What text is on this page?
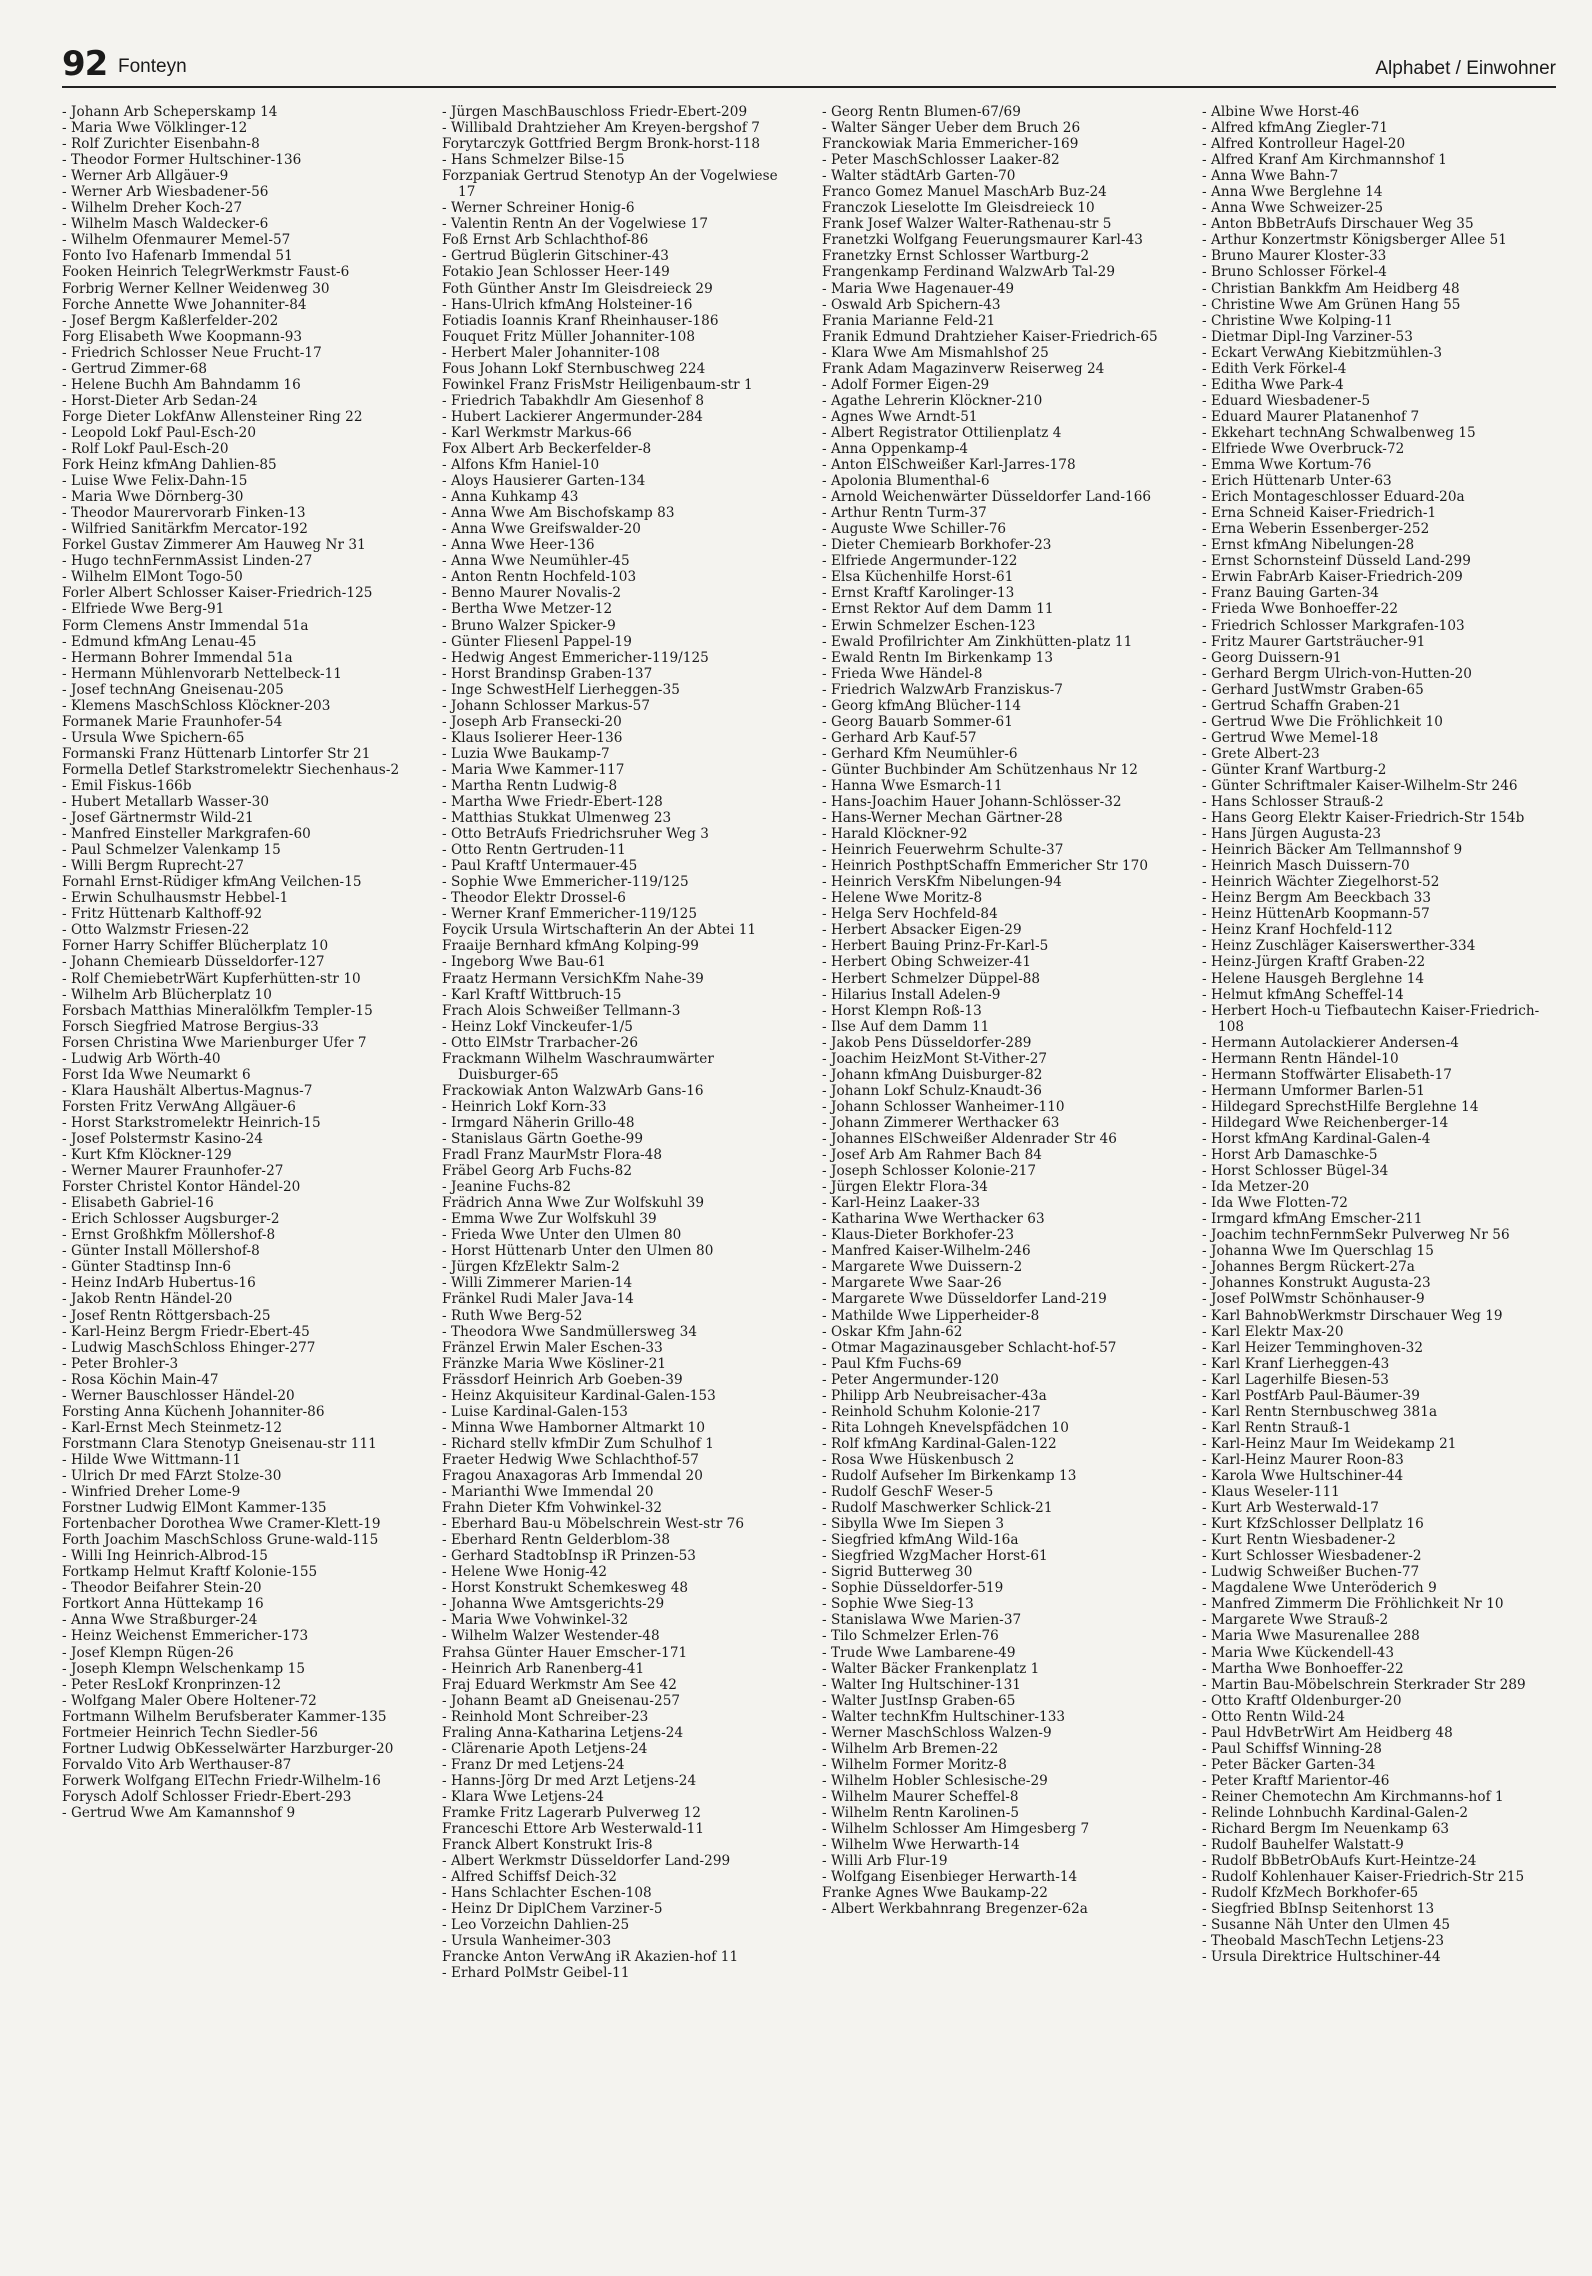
92 Fonteyn	Alphabet / Einwohner
- Johann Arb Scheperskamp 14
- Maria Wwe Völklinger-12
- Rolf Zurichter Eisenbahn-8
- Theodor Former Hultschiner-136
- Werner Arb Allgäuer-9
- Werner Arb Wiesbadener-56
- Wilhelm Dreher Koch-27
- Wilhelm Masch Waldecker-6
- Wilhelm Ofenmaurer Memel-57
Fonto Ivo Hafenarb Immendal 51
Fooken Heinrich TelegrWerkmstr Faust-6
Forbrig Werner Kellner Weidenweg 30
Forche Annette Wwe Johanniter-84
- Josef Bergm Kaßlerfelder-202
Forg Elisabeth Wwe Koopmann-93
- Friedrich Schlosser Neue Frucht-17
- Gertrud Zimmer-68
- Helene Buchh Am Bahndamm 16
- Horst-Dieter Arb Sedan-24
Forge Dieter LokfAnw Allensteiner Ring 22
- Leopold Lokf Paul-Esch-20
- Rolf Lokf Paul-Esch-20
Fork Heinz kfmAng Dahlien-85
- Luise Wwe Felix-Dahn-15
- Maria Wwe Dörnberg-30
- Theodor Maurervorarb Finken-13
- Wilfried Sanitärkfm Mercator-192
Forkel Gustav Zimmerer Am Hauweg Nr 31
- Hugo technFernmAssist Linden-27
- Wilhelm ElMont Togo-50
Forler Albert Schlosser Kaiser-Friedrich-125
- Elfriede Wwe Berg-91
Form Clemens Anstr Immendal 51a
- Edmund kfmAng Lenau-45
- Hermann Bohrer Immendal 51a
- Hermann Mühlenvorarb Nettelbeck-11
- Josef technAng Gneisenau-205
- Klemens MaschSchloss Klöckner-203
Formanek Marie Fraunhofer-54
- Ursula Wwe Spichern-65
Formanski Franz Hüttenarb Lintorfer Str 21
Formella Detlef Starkstromelektr Siechenhaus-2
- Emil Fiskus-166b
- Hubert Metallarb Wasser-30
- Josef Gärtnermstr Wild-21
- Manfred Einsteller Markgrafen-60
- Paul Schmelzer Valenkamp 15
- Willi Bergm Ruprecht-27
Fornahl Ernst-Rüdiger kfmAng Veilchen-15
- Erwin Schulhausmstr Hebbel-1
- Fritz Hüttenarb Kalthoff-92
- Otto Walzmstr Friesen-22
Forner Harry Schiffer Blücherplatz 10
- Johann Chemiearb Düsseldorfer-127
- Rolf ChemiebetrWärt Kupferhütten-str 10
- Wilhelm Arb Blücherplatz 10
Forsbach Matthias Mineralölkfm Templer-15
Forsch Siegfried Matrose Bergius-33
Forsen Christina Wwe Marienburger Ufer 7
- Ludwig Arb Wörth-40
Forst Ida Wwe Neumarkt 6
- Klara Haushält Albertus-Magnus-7
Forsten Fritz VerwAng Allgäuer-6
- Horst Starkstromelektr Heinrich-15
- Josef Polstermstr Kasino-24
- Kurt Kfm Klöckner-129
- Werner Maurer Fraunhofer-27
Forster Christel Kontor Händel-20
- Elisabeth Gabriel-16
- Erich Schlosser Augsburger-2
- Ernst Großhkfm Möllershof-8
- Günter Install Möllershof-8
- Günter Stadtinsp Inn-6
- Heinz IndArb Hubertus-16
- Jakob Rentn Händel-20
- Josef Rentn Röttgersbach-25
- Karl-Heinz Bergm Friedr-Ebert-45
- Ludwig MaschSchloss Ehinger-277
- Peter Brohler-3
- Rosa Köchin Main-47
- Werner Bauschlosser Händel-20
Forsting Anna Küchenh Johanniter-86
- Karl-Ernst Mech Steinmetz-12
Forstmann Clara Stenotyp Gneisenau-str 111
- Hilde Wwe Wittmann-11
- Ulrich Dr med FArzt Stolze-30
- Winfried Dreher Lome-9
Forstner Ludwig ElMont Kammer-135
Fortenbacher Dorothea Wwe Cramer-Klett-19
Forth Joachim MaschSchloss Grune-wald-115
- Willi Ing Heinrich-Albrod-15
Fortkamp Helmut Kraftf Kolonie-155
- Theodor Beifahrer Stein-20
Fortkort Anna Hüttekamp 16
- Anna Wwe Straßburger-24
- Heinz Weichenst Emmericher-173
- Josef Klempn Rügen-26
- Joseph Klempn Welschenkamp 15
- Peter ResLokf Kronprinzen-12
- Wolfgang Maler Obere Holtener-72
Fortmann Wilhelm Berufsberater Kammer-135
Fortmeier Heinrich Techn Siedler-56
Fortner Ludwig ObKesselwärter Harzburger-20
Forvaldo Vito Arb Werthauser-87
Forwerk Wolfgang ElTechn Friedr-Wilhelm-16
Forysch Adolf Schlosser Friedr-Ebert-293
- Gertrud Wwe Am Kamannshof 9
- Jürgen MaschBauschloss Friedr-Ebert-209
- Willibald Drahtzieher Am Kreyen-bergshof 7
Forytarczyk Gottfried Bergm Bronk-horst-118
- Hans Schmelzer Bilse-15
Forzpaniak Gertrud Stenotyp An der Vogelwiese 17
- Werner Schreiner Honig-6
- Valentin Rentn An der Vogelwiese 17
Foß Ernst Arb Schlachthof-86
- Gertrud Büglerin Gitschiner-43
Fotakio Jean Schlosser Heer-149
Foth Günther Anstr Im Gleisdreieck 29
- Hans-Ulrich kfmAng Holsteiner-16
Fotiadis Ioannis Kranf Rheinhauser-186
Fouquet Fritz Müller Johanniter-108
- Herbert Maler Johanniter-108
Fous Johann Lokf Sternbuschweg 224
Fowinkel Franz FrisMstr Heiligenbaum-str 1
- Friedrich Tabakhdlr Am Giesenhof 8
- Hubert Lackierer Angermunder-284
- Karl Werkmstr Markus-66
Fox Albert Arb Beckerfelder-8
- Alfons Kfm Haniel-10
- Aloys Hausierer Garten-134
- Anna Kuhkamp 43
- Anna Wwe Am Bischofskamp 83
- Anna Wwe Greifswalder-20
- Anna Wwe Heer-136
- Anna Wwe Neumühler-45
- Anton Rentn Hochfeld-103
- Benno Maurer Novalis-2
- Bertha Wwe Metzer-12
- Bruno Walzer Spicker-9
- Günter Fliesenl Pappel-19
- Hedwig Angest Emmericher-119/125
- Horst Brandinsp Graben-137
- Inge SchwestHelf Lierheggen-35
- Johann Schlosser Markus-57
- Joseph Arb Fransecki-20
- Klaus Isolierer Heer-136
- Luzia Wwe Baukamp-7
- Maria Wwe Kammer-117
- Martha Rentn Ludwig-8
- Martha Wwe Friedr-Ebert-128
- Matthias Stukkat Ulmenweg 23
- Otto BetrAufs Friedrichsruher Weg 3
- Otto Rentn Gertruden-11
- Paul Kraftf Untermauer-45
- Sophie Wwe Emmericher-119/125
- Theodor Elektr Drossel-6
- Werner Kranf Emmericher-119/125
Foycik Ursula Wirtschafterin An der Abtei 11
Fraaije Bernhard kfmAng Kolping-99
- Ingeborg Wwe Bau-61
Fraatz Hermann VersichKfm Nahe-39
- Karl Kraftf Wittbruch-15
Frach Alois Schweißer Tellmann-3
- Heinz Lokf Vinckeufer-1/5
- Otto ElMstr Trarbacher-26
Frackmann Wilhelm Waschraumwärter Duisburger-65
Frackowiak Anton WalzwArb Gans-16
- Heinrich Lokf Korn-33
- Irmgard Näherin Grillo-48
- Stanislaus Gärtn Goethe-99
Fradl Franz MaurMstr Flora-48
Fräbel Georg Arb Fuchs-82
- Jeanine Fuchs-82
Frädrich Anna Wwe Zur Wolfskuhl 39
- Emma Wwe Zur Wolfskuhl 39
- Frieda Wwe Unter den Ulmen 80
- Horst Hüttenarb Unter den Ulmen 80
- Jürgen KfzElektr Salm-2
- Willi Zimmerer Marien-14
Fränkel Rudi Maler Java-14
- Ruth Wwe Berg-52
- Theodora Wwe Sandmüllersweg 34
Fränzel Erwin Maler Eschen-33
Fränzke Maria Wwe Kösliner-21
Frässdorf Heinrich Arb Goeben-39
- Heinz Akquisiteur Kardinal-Galen-153
- Luise Kardinal-Galen-153
- Minna Wwe Hamborner Altmarkt 10
- Richard stellv kfmDir Zum Schulhof 1
Fraeter Hedwig Wwe Schlachthof-57
Fragou Anaxagoras Arb Immendal 20
- Marianthi Wwe Immendal 20
Frahn Dieter Kfm Vohwinkel-32
- Eberhard Bau-u Möbelschrein West-str 76
- Eberhard Rentn Gelderblom-38
- Gerhard StadtobInsp iR Prinzen-53
- Helene Wwe Honig-42
- Horst Konstrukt Schemkesweg 48
- Johanna Wwe Amtsgerichts-29
- Maria Wwe Vohwinkel-32
- Wilhelm Walzer Westender-48
Frahsa Günter Hauer Emscher-171
- Heinrich Arb Ranenberg-41
Fraj Eduard Werkmstr Am See 42
- Johann Beamt aD Gneisenau-257
- Reinhold Mont Schreiber-23
Fraling Anna-Katharina Letjens-24
- Clärenarie Apoth Letjens-24
- Franz Dr med Letjens-24
- Hanns-Jörg Dr med Arzt Letjens-24
- Klara Wwe Letjens-24
Framke Fritz Lagerarb Pulverweg 12
Franceschi Ettore Arb Westerwald-11
Franck Albert Konstrukt Iris-8
- Albert Werkmstr Düsseldorfer Land-299
- Alfred Schiffsf Deich-32
- Hans Schlachter Eschen-108
- Heinz Dr DiplChem Varziner-5
- Leo Vorzeichn Dahlien-25
- Ursula Wanheimer-303
Francke Anton VerwAng iR Akazien-hof 11
- Erhard PolMstr Geibel-11
- Georg Rentn Blumen-67/69
- Walter Sänger Ueber dem Bruch 26
Franckowiak Maria Emmericher-169
- Peter MaschSchlosser Laaker-82
- Walter städtArb Garten-70
Franco Gomez Manuel MaschArb Buz-24
Franczok Lieselotte Im Gleisdreieck 10
Frank Josef Walzer Walter-Rathenau-str 5
Franetzki Wolfgang Feuerungsmaurer Karl-43
Franetzky Ernst Schlosser Wartburg-2
Frangenkamp Ferdinand WalzwArb Tal-29
- Maria Wwe Hagenauer-49
- Oswald Arb Spichern-43
Frania Marianne Feld-21
Franik Edmund Drahtzieher Kaiser-Friedrich-65
- Klara Wwe Am Mismahlshof 25
Frank Adam Magazinverw Reiserweg 24
- Adolf Former Eigen-29
- Agathe Lehrerin Klöckner-210
- Agnes Wwe Arndt-51
- Albert Registrator Ottilienplatz 4
- Anna Oppenkamp-4
- Anton ElSchweißer Karl-Jarres-178
- Apolonia Blumenthal-6
- Arnold Weichenwärter Düsseldorfer Land-166
- Arthur Rentn Turm-37
- Auguste Wwe Schiller-76
- Dieter Chemiearb Borkhofer-23
- Elfriede Angermunder-122
- Elsa Küchenhilfe Horst-61
- Ernst Kraftf Karolinger-13
- Ernst Rektor Auf dem Damm 11
- Erwin Schmelzer Eschen-123
- Ewald Profilrichter Am Zinkhütten-platz 11
- Ewald Rentn Im Birkenkamp 13
- Frieda Wwe Händel-8
- Friedrich WalzwArb Franziskus-7
- Georg kfmAng Blücher-114
- Georg Bauarb Sommer-61
- Gerhard Arb Kauf-57
- Gerhard Kfm Neumühler-6
- Günter Buchbinder Am Schützenhaus Nr 12
- Hanna Wwe Esmarch-11
- Hans-Joachim Hauer Johann-Schlösser-32
- Hans-Werner Mechan Gärtner-28
- Harald Klöckner-92
- Heinrich Feuerwehrm Schulte-37
- Heinrich PosthptSchaffn Emmericher Str 170
- Heinrich VersKfm Nibelungen-94
- Helene Wwe Moritz-8
- Helga Serv Hochfeld-84
- Herbert Absacker Eigen-29
- Herbert Bauing Prinz-Fr-Karl-5
- Herbert Obing Schweizer-41
- Herbert Schmelzer Düppel-88
- Hilarius Install Adelen-9
- Horst Klempn Roß-13
- Ilse Auf dem Damm 11
- Jakob Pens Düsseldorfer-289
- Joachim HeizMont St-Vither-27
- Johann kfmAng Duisburger-82
- Johann Lokf Schulz-Knaudt-36
- Johann Schlosser Wanheimer-110
- Johann Zimmerer Werthacker 63
- Johannes ElSchweißer Aldenrader Str 46
- Josef Arb Am Rahmer Bach 84
- Joseph Schlosser Kolonie-217
- Jürgen Elektr Flora-34
- Karl-Heinz Laaker-33
- Katharina Wwe Werthacker 63
- Klaus-Dieter Borkhofer-23
- Manfred Kaiser-Wilhelm-246
- Margarete Wwe Duissern-2
- Margarete Wwe Saar-26
- Margarete Wwe Düsseldorfer Land-219
- Mathilde Wwe Lipperheider-8
- Oskar Kfm Jahn-62
- Otmar Magazinausgeber Schlacht-hof-57
- Paul Kfm Fuchs-69
- Peter Angermunder-120
- Philipp Arb Neubreisacher-43a
- Reinhold Schuhm Kolonie-217
- Rita Lohngeh Knevelspfädchen 10
- Rolf kfmAng Kardinal-Galen-122
- Rosa Wwe Hüskenbusch 2
- Rudolf Aufseher Im Birkenkamp 13
- Rudolf GeschF Weser-5
- Rudolf Maschwerker Schlick-21
- Sibylla Wwe Im Siepen 3
- Siegfried kfmAng Wild-16a
- Siegfried WzgMacher Horst-61
- Sigrid Butterweg 30
- Sophie Düsseldorfer-519
- Sophie Wwe Sieg-13
- Stanislawa Wwe Marien-37
- Tilo Schmelzer Erlen-76
- Trude Wwe Lambarene-49
- Walter Bäcker Frankenplatz 1
- Walter Ing Hultschiner-131
- Walter JustInsp Graben-65
- Walter technKfm Hultschiner-133
- Werner MaschSchloss Walzen-9
- Wilhelm Arb Bremen-22
- Wilhelm Former Moritz-8
- Wilhelm Hobler Schlesische-29
- Wilhelm Maurer Scheffel-8
- Wilhelm Rentn Karolinen-5
- Wilhelm Schlosser Am Himgesberg 7
- Wilhelm Wwe Herwarth-14
- Willi Arb Flur-19
- Wolfgang Eisenbieger Herwarth-14
Franke Agnes Wwe Baukamp-22
- Albert Werkbahnrang Bregenzer-62a
- Albine Wwe Horst-46
- Alfred kfmAng Ziegler-71
- Alfred Kontrolleur Hagel-20
- Alfred Kranf Am Kirchmannshof 1
- Anna Wwe Bahn-7
- Anna Wwe Berglehne 14
- Anna Wwe Schweizer-25
- Anton BbBetrAufs Dirschauer Weg 35
- Arthur Konzertmstr Königsberger Allee 51
- Bruno Maurer Kloster-33
- Bruno Schlosser Förkel-4
- Christian Bankkfm Am Heidberg 48
- Christine Wwe Am Grünen Hang 55
- Christine Wwe Kolping-11
- Dietmar Dipl-Ing Varziner-53
- Eckart VerwAng Kiebitzmühlen-3
- Edith Verk Förkel-4
- Editha Wwe Park-4
- Eduard Wiesbadener-5
- Eduard Maurer Platanenhof 7
- Ekkehart technAng Schwalbenweg 15
- Elfriede Wwe Overbruck-72
- Emma Wwe Kortum-76
- Erich Hüttenarb Unter-63
- Erich Montageschlosser Eduard-20a
- Erna Schneid Kaiser-Friedrich-1
- Erna Weberin Essenberger-252
- Ernst kfmAng Nibelungen-28
- Ernst Schornsteinf Düsseld Land-299
- Erwin FabrArb Kaiser-Friedrich-209
- Franz Bauing Garten-34
- Frieda Wwe Bonhoeffer-22
- Friedrich Schlosser Markgrafen-103
- Fritz Maurer Gartsträucher-91
- Georg Duissern-91
- Gerhard Bergm Ulrich-von-Hutten-20
- Gerhard JustWmstr Graben-65
- Gertrud Schaffn Graben-21
- Gertrud Wwe Die Fröhlichkeit 10
- Gertrud Wwe Memel-18
- Grete Albert-23
- Günter Kranf Wartburg-2
- Günter Schriftmaler Kaiser-Wilhelm-Str 246
- Hans Schlosser Strauß-2
- Hans Georg Elektr Kaiser-Friedrich-Str 154b
- Hans Jürgen Augusta-23
- Heinrich Bäcker Am Tellmannshof 9
- Heinrich Masch Duissern-70
- Heinrich Wächter Ziegelhorst-52
- Heinz Bergm Am Beeckbach 33
- Heinz HüttenArb Koopmann-57
- Heinz Kranf Hochfeld-112
- Heinz Zuschläger Kaiserswerther-334
- Heinz-Jürgen Kraftf Graben-22
- Helene Hausgeh Berglehne 14
- Helmut kfmAng Scheffel-14
- Herbert Hoch-u Tiefbautechn Kaiser-Friedrich-108
- Hermann Autolackierer Andersen-4
- Hermann Rentn Händel-10
- Hermann Stoffwärter Elisabeth-17
- Hermann Umformer Barlen-51
- Hildegard SprechstHilfe Berglehne 14
- Hildegard Wwe Reichenberger-14
- Horst kfmAng Kardinal-Galen-4
- Horst Arb Damaschke-5
- Horst Schlosser Bügel-34
- Ida Metzer-20
- Ida Wwe Flotten-72
- Irmgard kfmAng Emscher-211
- Joachim technFernmSekr Pulverweg Nr 56
- Johanna Wwe Im Querschlag 15
- Johannes Bergm Rückert-27a
- Johannes Konstrukt Augusta-23
- Josef PolWmstr Schönhauser-9
- Karl BahnobWerkmstr Dirschauer Weg 19
- Karl Elektr Max-20
- Karl Heizer Temminghoven-32
- Karl Kranf Lierheggen-43
- Karl Lagerhilfe Biesen-53
- Karl PostfArb Paul-Bäumer-39
- Karl Rentn Sternbuschweg 381a
- Karl Rentn Strauß-1
- Karl-Heinz Maur Im Weidekamp 21
- Karl-Heinz Maurer Roon-83
- Karola Wwe Hultschiner-44
- Klaus Weseler-111
- Kurt Arb Westerwald-17
- Kurt KfzSchlosser Dellplatz 16
- Kurt Rentn Wiesbadener-2
- Kurt Schlosser Wiesbadener-2
- Ludwig Schweißer Buchen-77
- Magdalene Wwe Unteröderich 9
- Manfred Zimmerm Die Fröhlichkeit Nr 10
- Margarete Wwe Strauß-2
- Maria Wwe Masurenallee 288
- Maria Wwe Kückendell-43
- Martha Wwe Bonhoeffer-22
- Martin Bau-Möbelschrein Sterkrader Str 289
- Otto Kraftf Oldenburger-20
- Otto Rentn Wild-24
- Paul HdvBetrWirt Am Heidberg 48
- Paul Schiffsf Winning-28
- Peter Bäcker Garten-34
- Peter Kraftf Marientor-46
- Reiner Chemotechn Am Kirchmanns-hof 1
- Relinde Lohnbuchh Kardinal-Galen-2
- Richard Bergm Im Neuenkamp 63
- Rudolf Bauhelfer Walstatt-9
- Rudolf BbBetrObAufs Kurt-Heintze-24
- Rudolf Kohlenhauer Kaiser-Friedrich-Str 215
- Rudolf KfzMech Borkhofer-65
- Siegfried BbInsp Seitenhorst 13
- Susanne Näh Unter den Ulmen 45
- Theobald MaschTechn Letjens-23
- Ursula Direktrice Hultschiner-44
